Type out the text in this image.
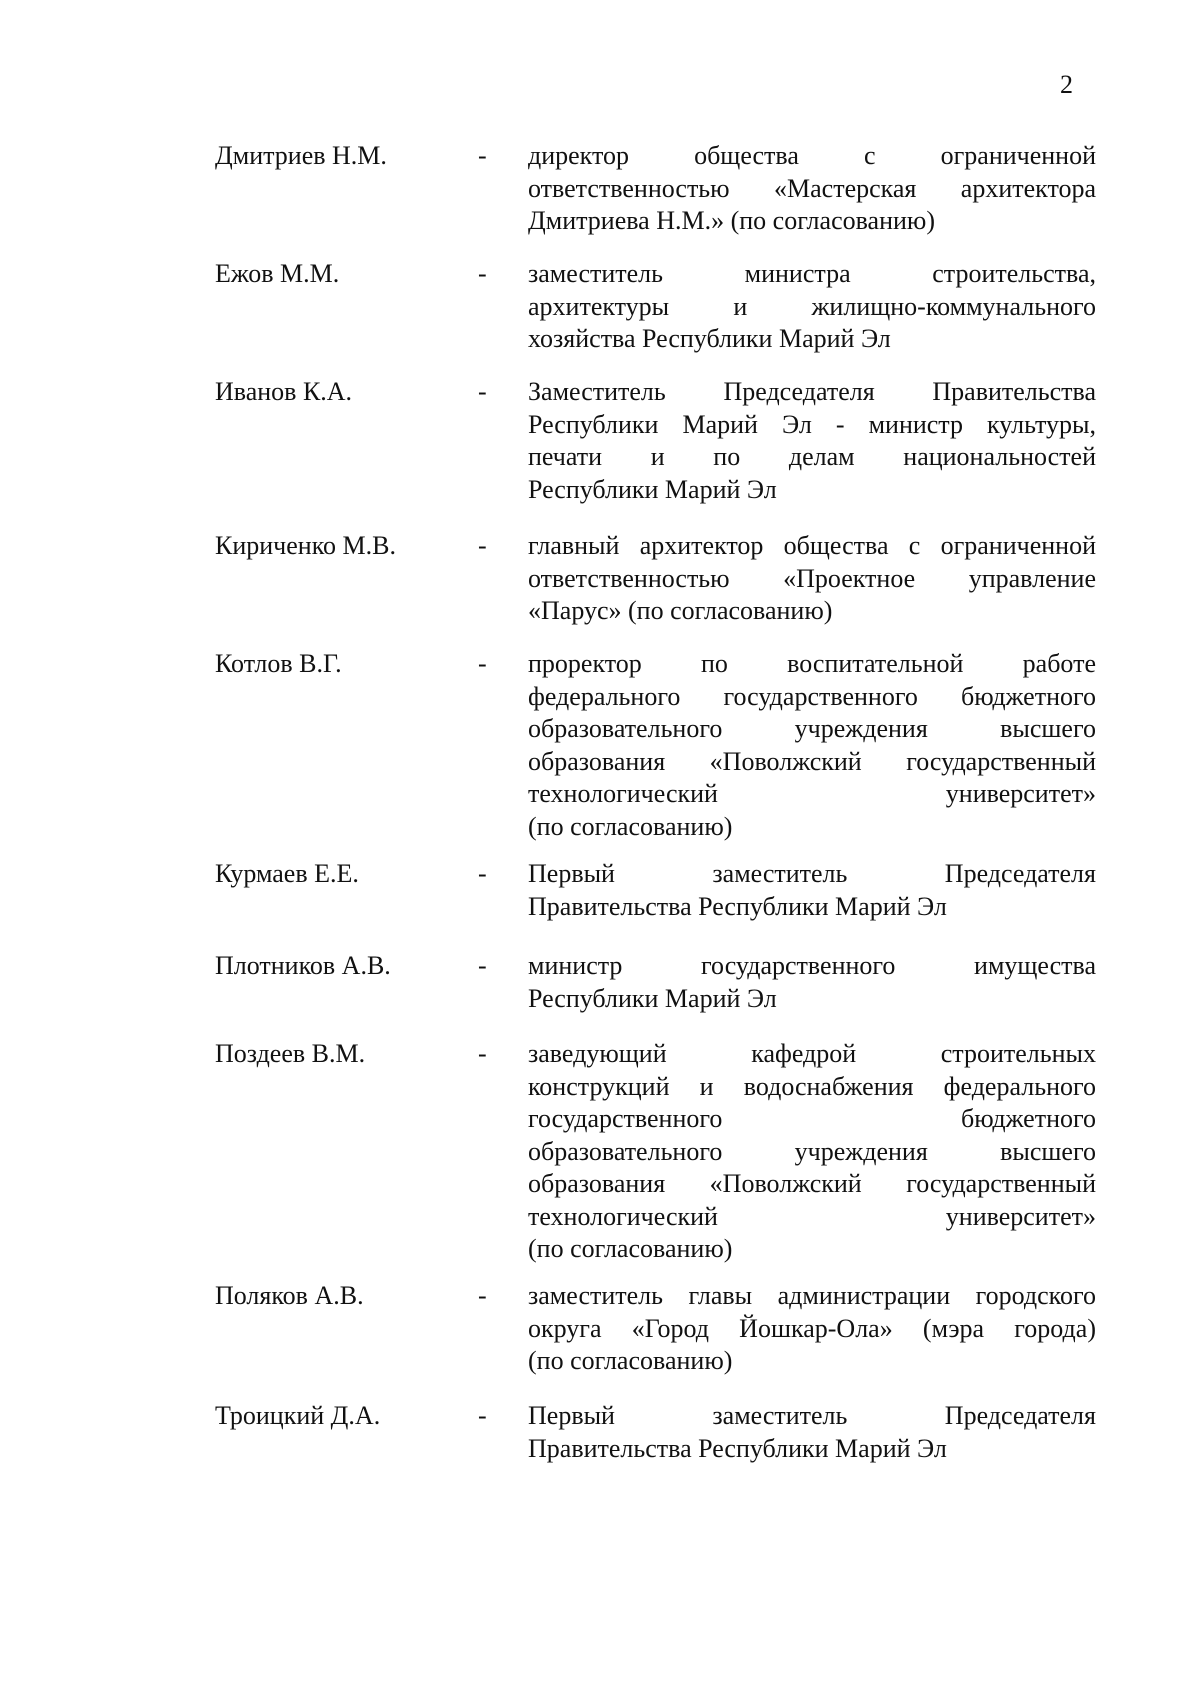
2
Дмитриев Н.М.	- директор общества с ограниченной
ответственностью «Мастерская архитектора
Дмитриева Н.М.» (по согласованию)
Ежов М.М.	- заместитель министра строительства,
архитектуры и жилищно-коммунального
хозяйства Республики Марий Эл
Иванов К.А.	- Заместитель Председателя Правительства
Республики Марий Эл - министр культуры,
печати и по делам национальностей
Республики Марий Эл
Кириченко М.В.	- главный архитектор общества с ограниченной
ответственностью «Проектное управление
«Парус» (по согласованию)
Котлов В.Г.	- проректор по воспитательной работе
федерального государственного бюджетного
образовательного учреждения высшего
образования «Поволжский государственный
технологический университет»
(по согласованию)
Курмаев Е.Е.	- Первый заместитель Председателя
Правительства Республики Марий Эл
Плотников А.В.	- министр государственного имущества
Республики Марий Эл
Поздеев В.М.	- заведующий кафедрой строительных
конструкций и водоснабжения федерального
государственного бюджетного
образовательного учреждения высшего
образования «Поволжский государственный
технологический университет»
(по согласованию)
Поляков А.В.	- заместитель главы администрации городского
округа «Город Йошкар-Ола» (мэра города)
(по согласованию)
Троицкий Д.А.	- Первый заместитель Председателя
Правительства Республики Марий Эл
